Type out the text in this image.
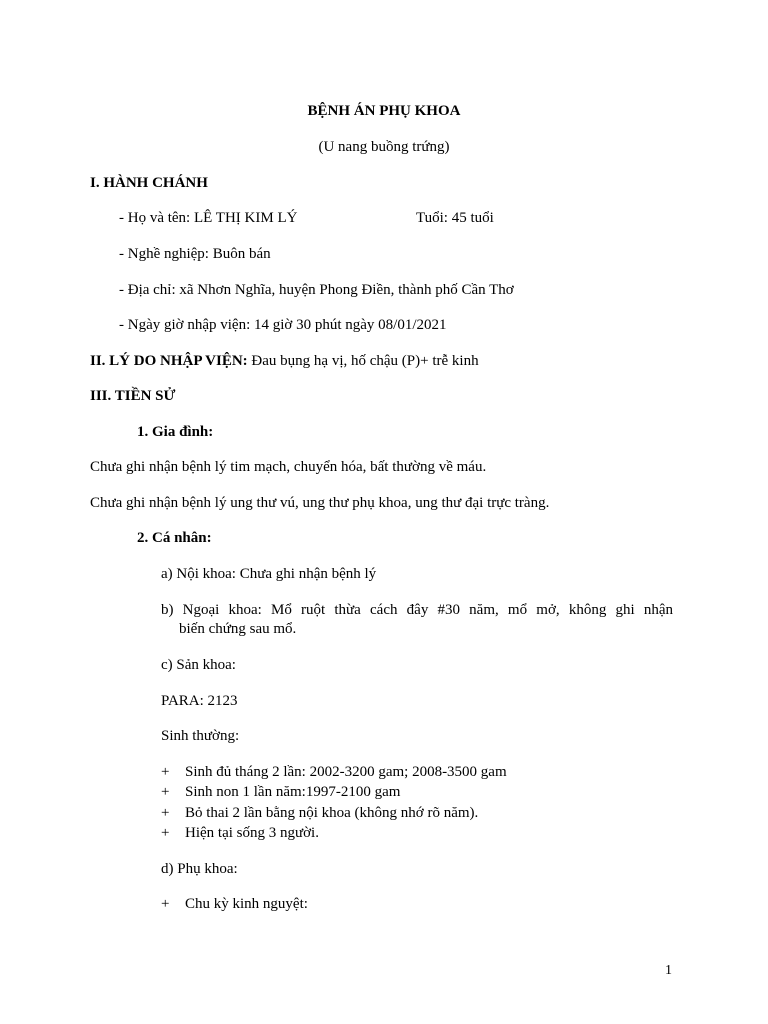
BỆNH ÁN PHỤ KHOA
(U nang buồng trứng)
I. HÀNH CHÁNH
- Họ và tên: LÊ THỊ KIM LÝ	Tuổi: 45 tuổi
- Nghề nghiệp: Buôn bán
- Địa chỉ: xã Nhơn Nghĩa, huyện Phong Điền, thành phố Cần Thơ
- Ngày giờ nhập viện: 14 giờ 30 phút ngày 08/01/2021
II. LÝ DO NHẬP VIỆN: Đau bụng hạ vị, hố chậu (P)+ trễ kinh
III. TIỀN SỬ
1. Gia đình:
Chưa ghi nhận bệnh lý tim mạch, chuyển hóa, bất thường về máu.
Chưa ghi nhận bệnh lý ung thư vú, ung thư phụ khoa, ung thư đại trực tràng.
2. Cá nhân:
a) Nội khoa: Chưa ghi nhận bệnh lý
b) Ngoại khoa: Mổ ruột thừa cách đây #30 năm, mổ mở, không ghi nhận
biến chứng sau mổ.
c) Sản khoa:
PARA: 2123
Sinh thường:
+	Sinh đủ tháng 2 lần: 2002-3200 gam; 2008-3500 gam
+	Sinh non 1 lần năm:1997-2100 gam
+	Bỏ thai 2 lần bằng nội khoa (không nhớ rõ năm).
+	Hiện tại sống 3 người.
d) Phụ khoa:
+	Chu kỳ kinh nguyệt:
1
